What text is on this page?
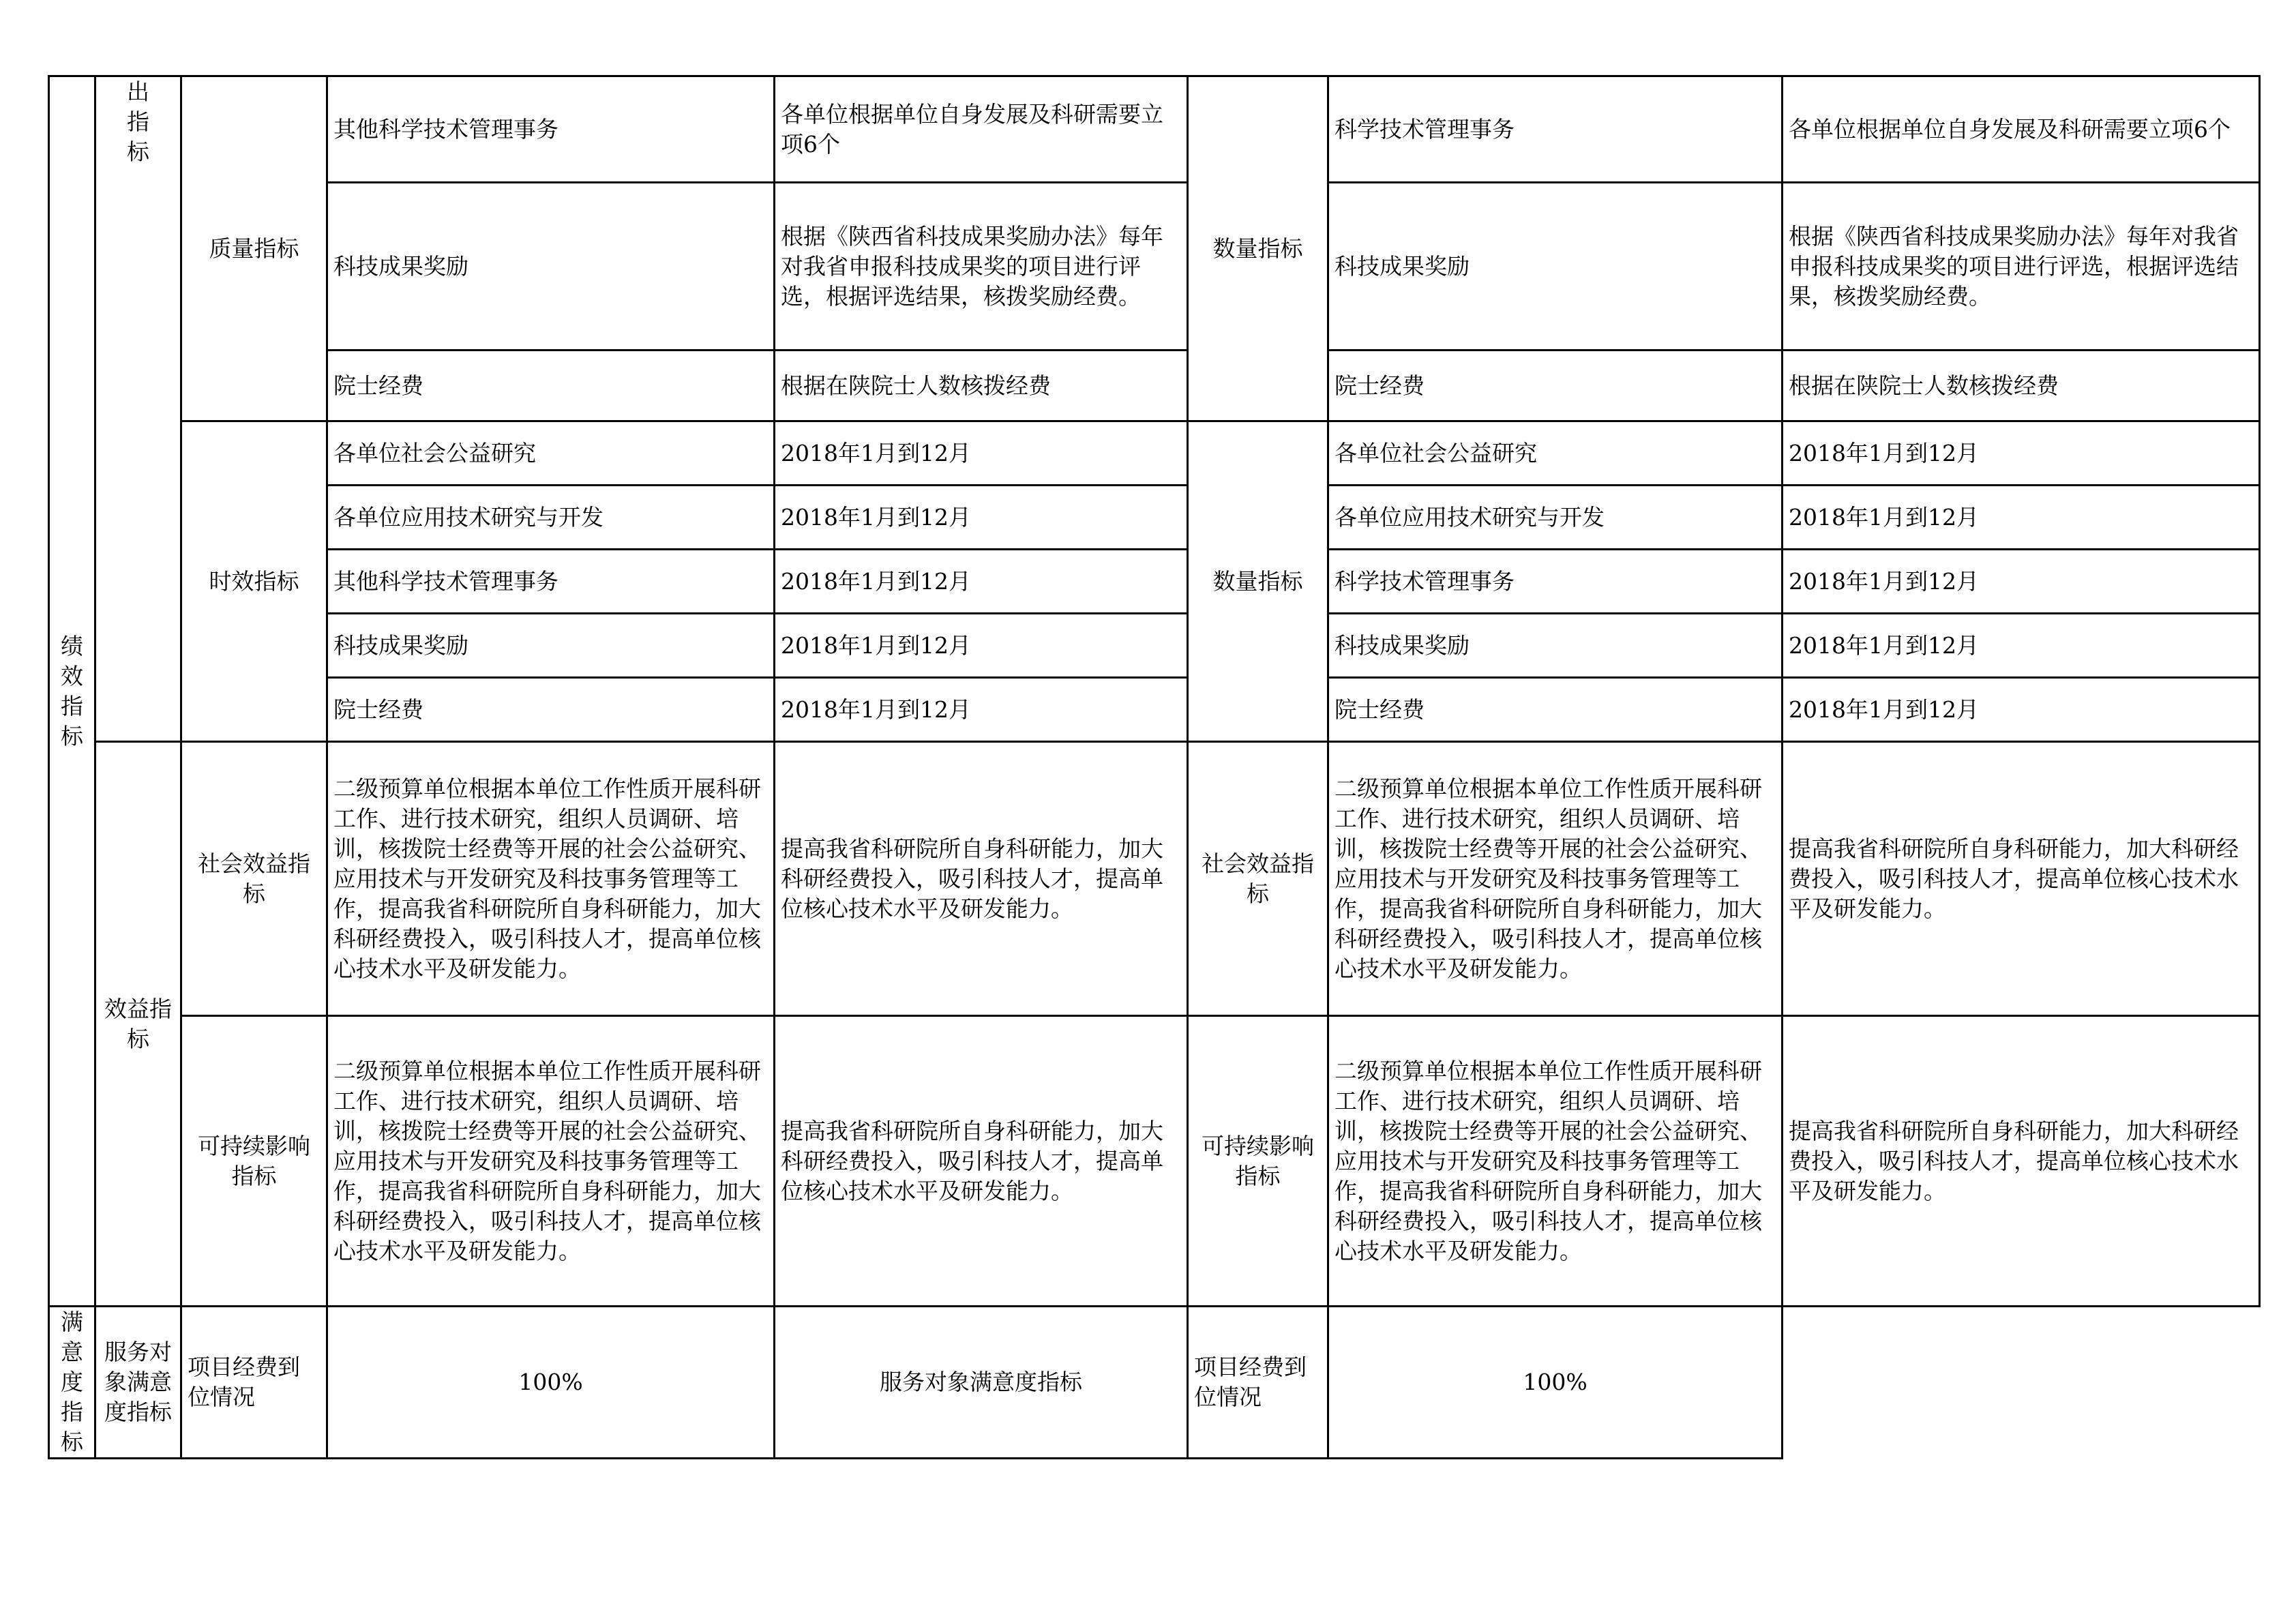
绩效指标	出指标	质量指标	其他科学技术管理事务	各单位根据单位自身发展及科研需要立项6个	数量指标	科学技术管理事务	各单位根据单位自身发展及科研需要立项6个
			科技成果奖励	根据《陕西省科技成果奖励办法》每年对我省申报科技成果奖的项目进行评选，根据评选结果，核拨奖励经费。		科技成果奖励	根据《陕西省科技成果奖励办法》每年对我省申报科技成果奖的项目进行评选，根据评选结果，核拨奖励经费。
			院士经费	根据在陕院士人数核拨经费		院士经费	根据在陕院士人数核拨经费
		时效指标	各单位社会公益研究	2018年1月到12月	数量指标	各单位社会公益研究	2018年1月到12月
			各单位应用技术研究与开发	2018年1月到12月		各单位应用技术研究与开发	2018年1月到12月
			其他科学技术管理事务	2018年1月到12月		科学技术管理事务	2018年1月到12月
			科技成果奖励	2018年1月到12月		科技成果奖励	2018年1月到12月
			院士经费	2018年1月到12月		院士经费	2018年1月到12月

	效益指标	社会效益指标	二级预算单位根据本单位工作性质开展科研工作、进行技术研究，组织人员调研、培训，核拨院士经费等开展的社会公益研究、应用技术与开发研究及科技事务管理等工作，提高我省科研院所自身科研能力，加大科研经费投入，吸引科技人才，提高单位核心技术水平及研发能力。	提高我省科研院所自身科研能力，加大科研经费投入，吸引科技人才，提高单位核心技术水平及研发能力。	社会效益指标	二级预算单位根据本单位工作性质开展科研工作、进行技术研究，组织人员调研、培训，核拨院士经费等开展的社会公益研究、应用技术与开发研究及科技事务管理等工作，提高我省科研院所自身科研能力，加大科研经费投入，吸引科技人才，提高单位核心技术水平及研发能力。	提高我省科研院所自身科研能力，加大科研经费投入，吸引科技人才，提高单位核心技术水平及研发能力。
		可持续影响指标	二级预算单位根据本单位工作性质开展科研工作、进行技术研究，组织人员调研、培训，核拨院士经费等开展的社会公益研究、应用技术与开发研究及科技事务管理等工作，提高我省科研院所自身科研能力，加大科研经费投入，吸引科技人才，提高单位核心技术水平及研发能力。	提高我省科研院所自身科研能力，加大科研经费投入，吸引科技人才，提高单位核心技术水平及研发能力。	可持续影响指标	二级预算单位根据本单位工作性质开展科研工作、进行技术研究，组织人员调研、培训，核拨院士经费等开展的社会公益研究、应用技术与开发研究及科技事务管理等工作，提高我省科研院所自身科研能力，加大科研经费投入，吸引科技人才，提高单位核心技术水平及研发能力。	提高我省科研院所自身科研能力，加大科研经费投入，吸引科技人才，提高单位核心技术水平及研发能力。
满意度指标	服务对象满意度指标	项目经费到位情况	100%	服务对象满意度指标	项目经费到位情况	100%	
